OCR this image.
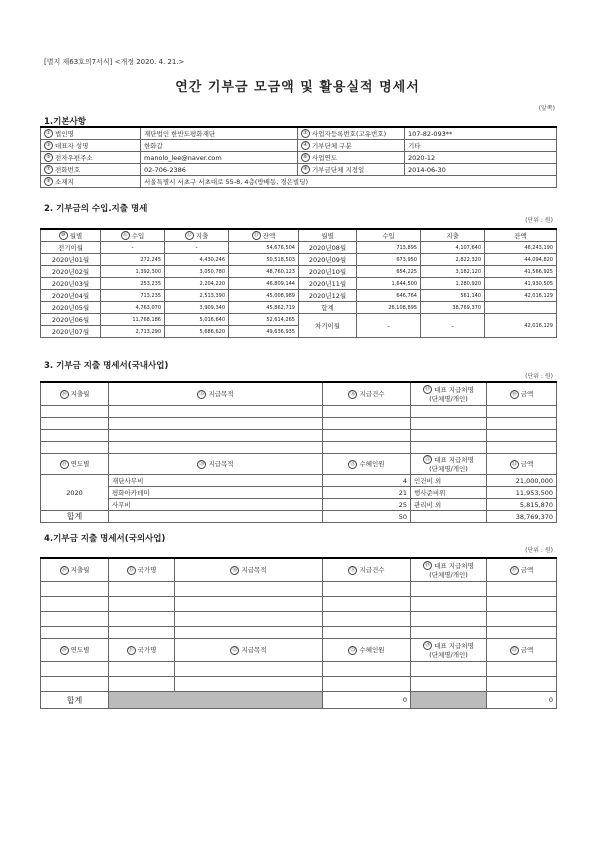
[별지 제63호의7서식] <개정 2020. 4. 21.>
연간 기부금 모금액 및 활용실적 명세서
(앞쪽)
1.기본사항
① 법인명	재단법인 한반도평화재단	② 사업자등록번호(고유번호)	107-82-093**
③ 대표자 성명	한화갑	④ 기부단체 구분	기타
⑤ 전자우편주소	manolo_lee@naver.com	⑥ 사업연도	2020-12
⑦ 전화번호	02-706-2386	⑧ 기부금단체 지정일	2014-06-30
⑨ 소재지	서울특별시 서초구 서초대로 55-8, 4층(방배동, 경은빌딩)		
2. 기부금의 수입.지출 명세
(단위 : 원)
⑩ 월별	⑪ 수입	⑫ 지출	⑬ 잔액	월별	수입	지출	잔액
전기이월	-	-	54,676,504	2020년08월	713,895	4,107,640	46,243,190
2020년01월	272,245	4,430,246	50,518,503	2020년09월	673,950	2,822,320	44,094,820
2020년02월	1,392,300	3,050,780	48,760,123	2020년10월	654,225	3,182,120	41,566,925
2020년03월	253,235	2,204,220	46,809,144	2020년11월	1,644,500	1,280,920	41,930,505
2020년04월	713,235	2,513,390	45,008,989	2020년12월	646,764	561,140	42,016,129
2020년05월	4,763,070	3,909,340	45,862,719	합계	26,108,895	38,769,370	
2020년06월	11,768,186	5,016,640	52,614,265	차기이월	-	-	42,016,129
2020년07월	2,713,290	5,686,620	49,636,935				
3. 기부금 지출 명세서(국내사업)
(단위 : 원)
⑭ 지출월	⑮ 지급목적	⑯ 지급건수	⑰ 대표 지급처명
(단체명/개인)	⑱ 금액

⑲ 연도별	⑳ 지급목적	㉑ 수혜인원	㉒ 대표 지급처명
(단체명/개인)	㉓ 금액
2020	재단사무비	4	인건비 외	21,000,000
	평화아카데미	21	행사준비위	11,953,500
	사무비	25	관리비 외	5,815,870
합계		50		38,769,370
4.기부금 지출 명세서(국외사업)
(단위 : 원)
⑭ 지출월	⑮ 국가명	⑯ 지급목적	⑰ 지급건수	⑱ 대표 지급처명
(단체명/개인)	⑲ 금액

⑳ 연도별	㉑ 국가명	㉒ 지급목적	㉓ 수혜인원	㉔ 대표 지급처명
(단체명/개인)	㉕ 금액

합계			0		0
